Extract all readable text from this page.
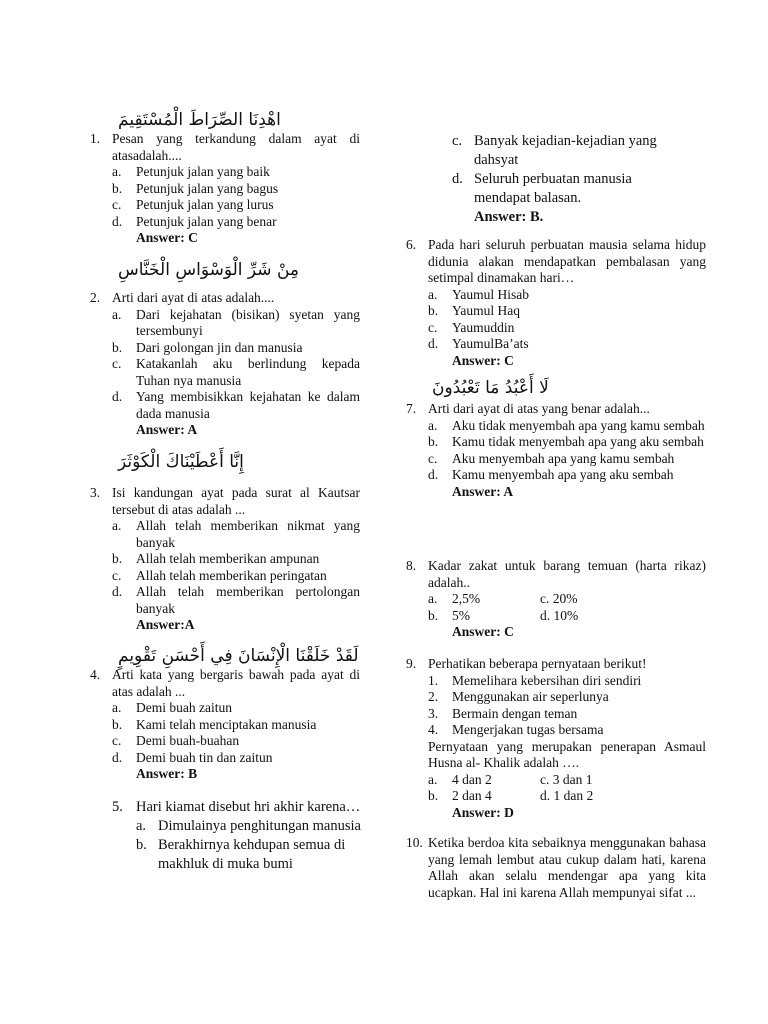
اهْدِنَا الصِّرَاطَ الْمُسْتَقِيمَ
1. Pesan yang terkandung dalam ayat di atasadalah....
a. Petunjuk jalan yang baik
b. Petunjuk jalan yang bagus
c. Petunjuk jalan yang lurus
d. Petunjuk jalan yang benar
Answer: C
مِنْ شَرِّ الْوَسْوَاسِ الْخَنَّاسِ
2. Arti dari ayat di atas adalah....
a. Dari kejahatan (bisikan) syetan yang tersembunyi
b. Dari golongan jin dan manusia
c. Katakanlah aku berlindung kepada Tuhan nya manusia
d. Yang membisikkan kejahatan ke dalam dada manusia
Answer: A
إِنَّا أَعْطَيْنَاكَ الْكَوْثَرَ
3. Isi kandungan ayat pada surat al Kautsar tersebut di atas adalah ...
a. Allah telah memberikan nikmat yang banyak
b. Allah telah memberikan ampunan
c. Allah telah memberikan peringatan
d. Allah telah memberikan pertolongan banyak
Answer:A
لَقَدْ خَلَقْنَا الْإِنْسَانَ فِي أَحْسَنِ تَقْوِيمٍ
4. Arti kata yang bergaris bawah pada ayat di atas adalah ...
a. Demi buah zaitun
b. Kami telah menciptakan manusia
c. Demi buah-buahan
d. Demi buah tin dan zaitun
Answer: B
5. Hari kiamat disebut hri akhir karena…
a. Dimulainya penghitungan manusia
b. Berakhirnya kehdupan semua di makhluk di muka bumi
c. Banyak kejadian-kejadian yang dahsyat
d. Seluruh perbuatan manusia mendapat balasan.
Answer: B.
6. Pada hari seluruh perbuatan mausia selama hidup didunia alakan mendapatkan pembalasan yang setimpal dinamakan hari…
a. Yaumul Hisab
b. Yaumul Haq
c. Yaumuddin
d. YaumulBa’ats
Answer: C
لَا أَعْبُدُ مَا تَعْبُدُونَ
7. Arti dari ayat di atas yang benar adalah...
a. Aku tidak menyembah apa yang kamu sembah
b. Kamu tidak menyembah apa yang aku sembah
c. Aku menyembah apa yang kamu sembah
d. Kamu menyembah apa yang aku sembah
Answer: A
8. Kadar zakat untuk barang temuan (harta rikaz) adalah..
a.	2,5%	c. 20%
b.	5%	d. 10%
Answer: C
9. Perhatikan beberapa pernyataan berikut!
1. Memelihara kebersihan diri sendiri
2. Menggunakan air seperlunya
3. Bermain dengan teman
4. Mengerjakan tugas bersama
Pernyataan yang merupakan penerapan Asmaul Husna al- Khalik adalah ….
a.	4 dan 2	c. 3 dan 1
b.	2 dan 4	d. 1 dan 2
Answer: D
10. Ketika berdoa kita sebaiknya menggunakan bahasa yang lemah lembut atau cukup dalam hati, karena Allah akan selalu mendengar apa yang kita ucapkan. Hal ini karena Allah mempunyai sifat ...
